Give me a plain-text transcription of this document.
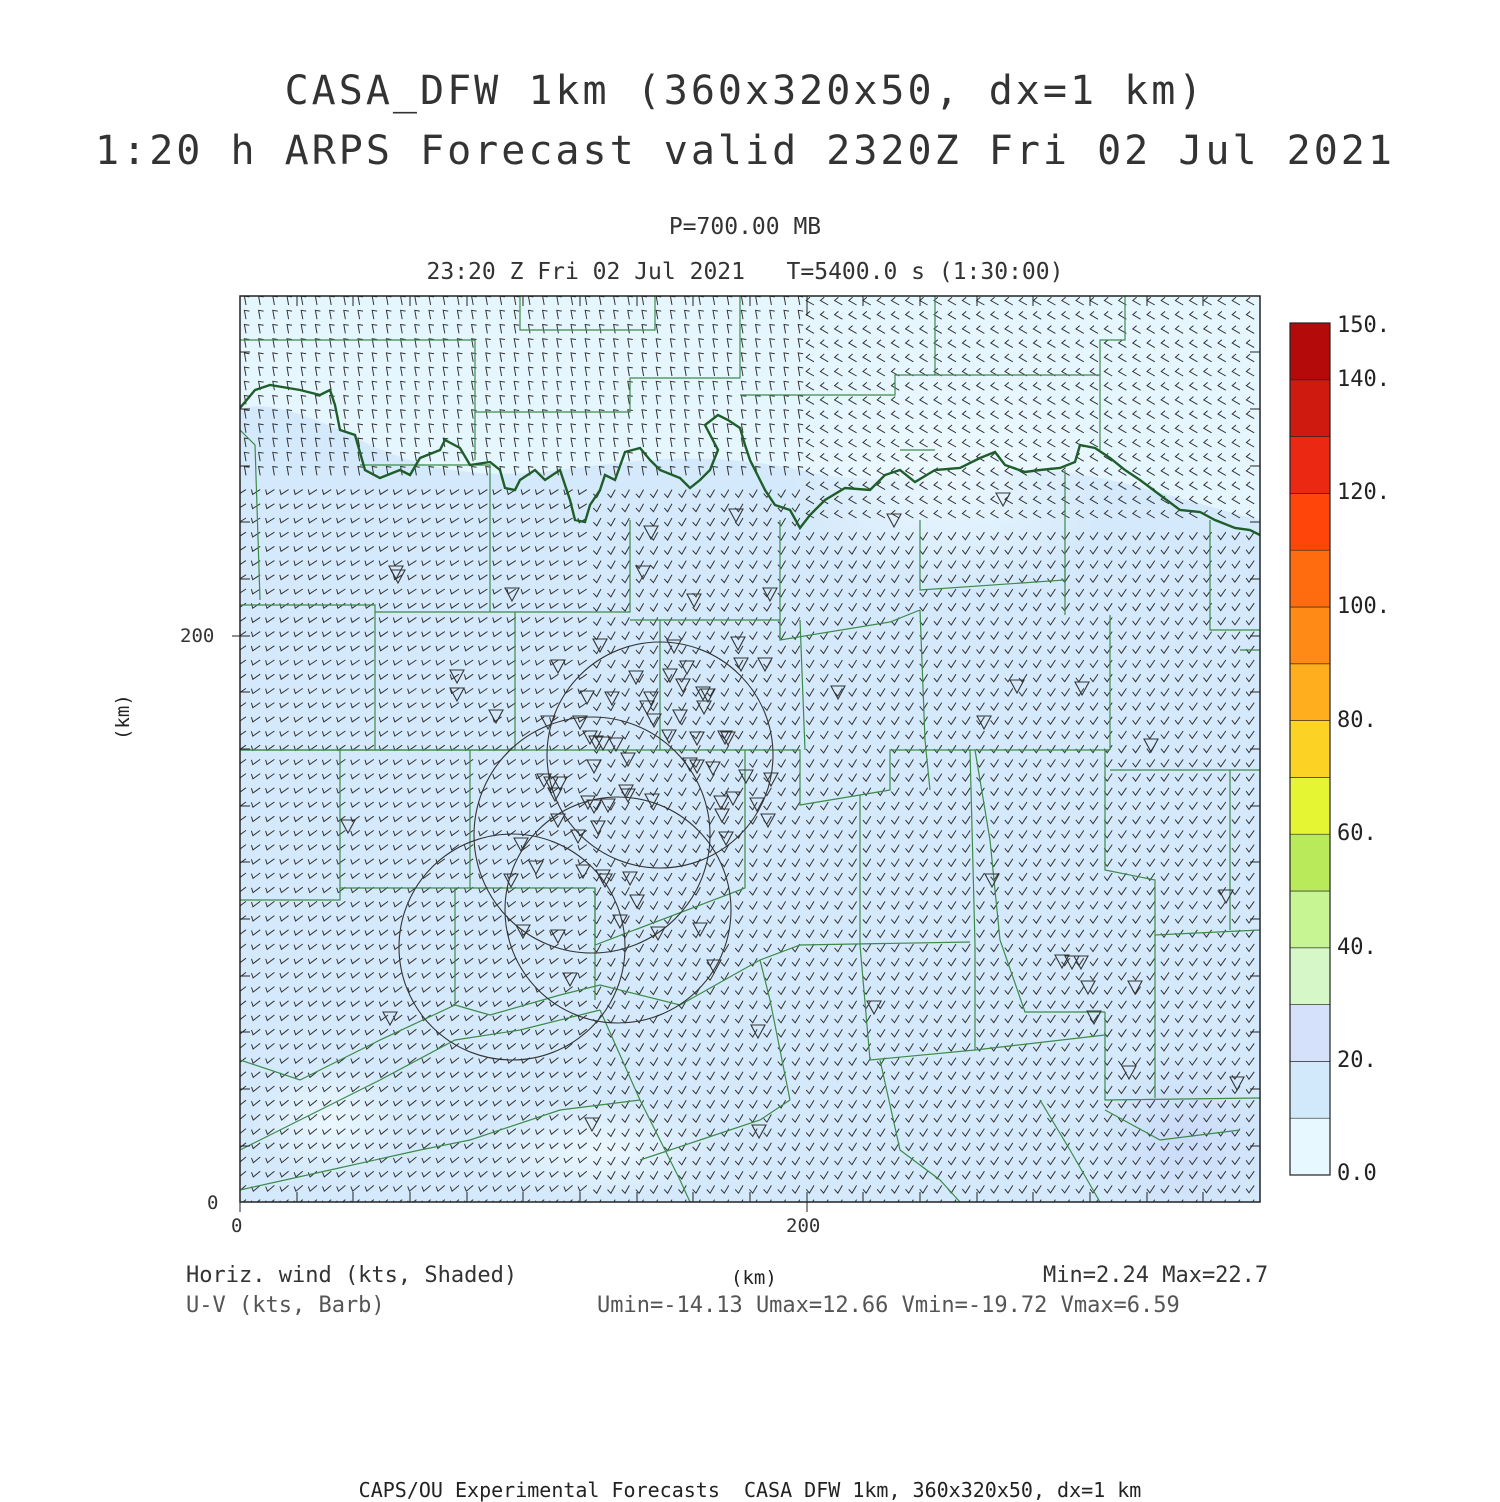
CASA_DFW 1km (360x320x50, dx=1 km)
1:20 h ARPS Forecast valid 2320Z Fri 02 Jul 2021
P=700.00 MB
23:20 Z Fri 02 Jul 2021   T=5400.0 s (1:30:00)
200
0
0	200
(km)
150.
140.
120.
100.
80.
60.
40.
20.
0.0
Horiz. wind (kts, Shaded)
U-V (kts, Barb)
(km)	Min=2.24 Max=22.7
Umin=-14.13 Umax=12.66 Vmin=-19.72 Vmax=6.59
CAPS/OU Experimental Forecasts  CASA DFW 1km, 360x320x50, dx=1 km
